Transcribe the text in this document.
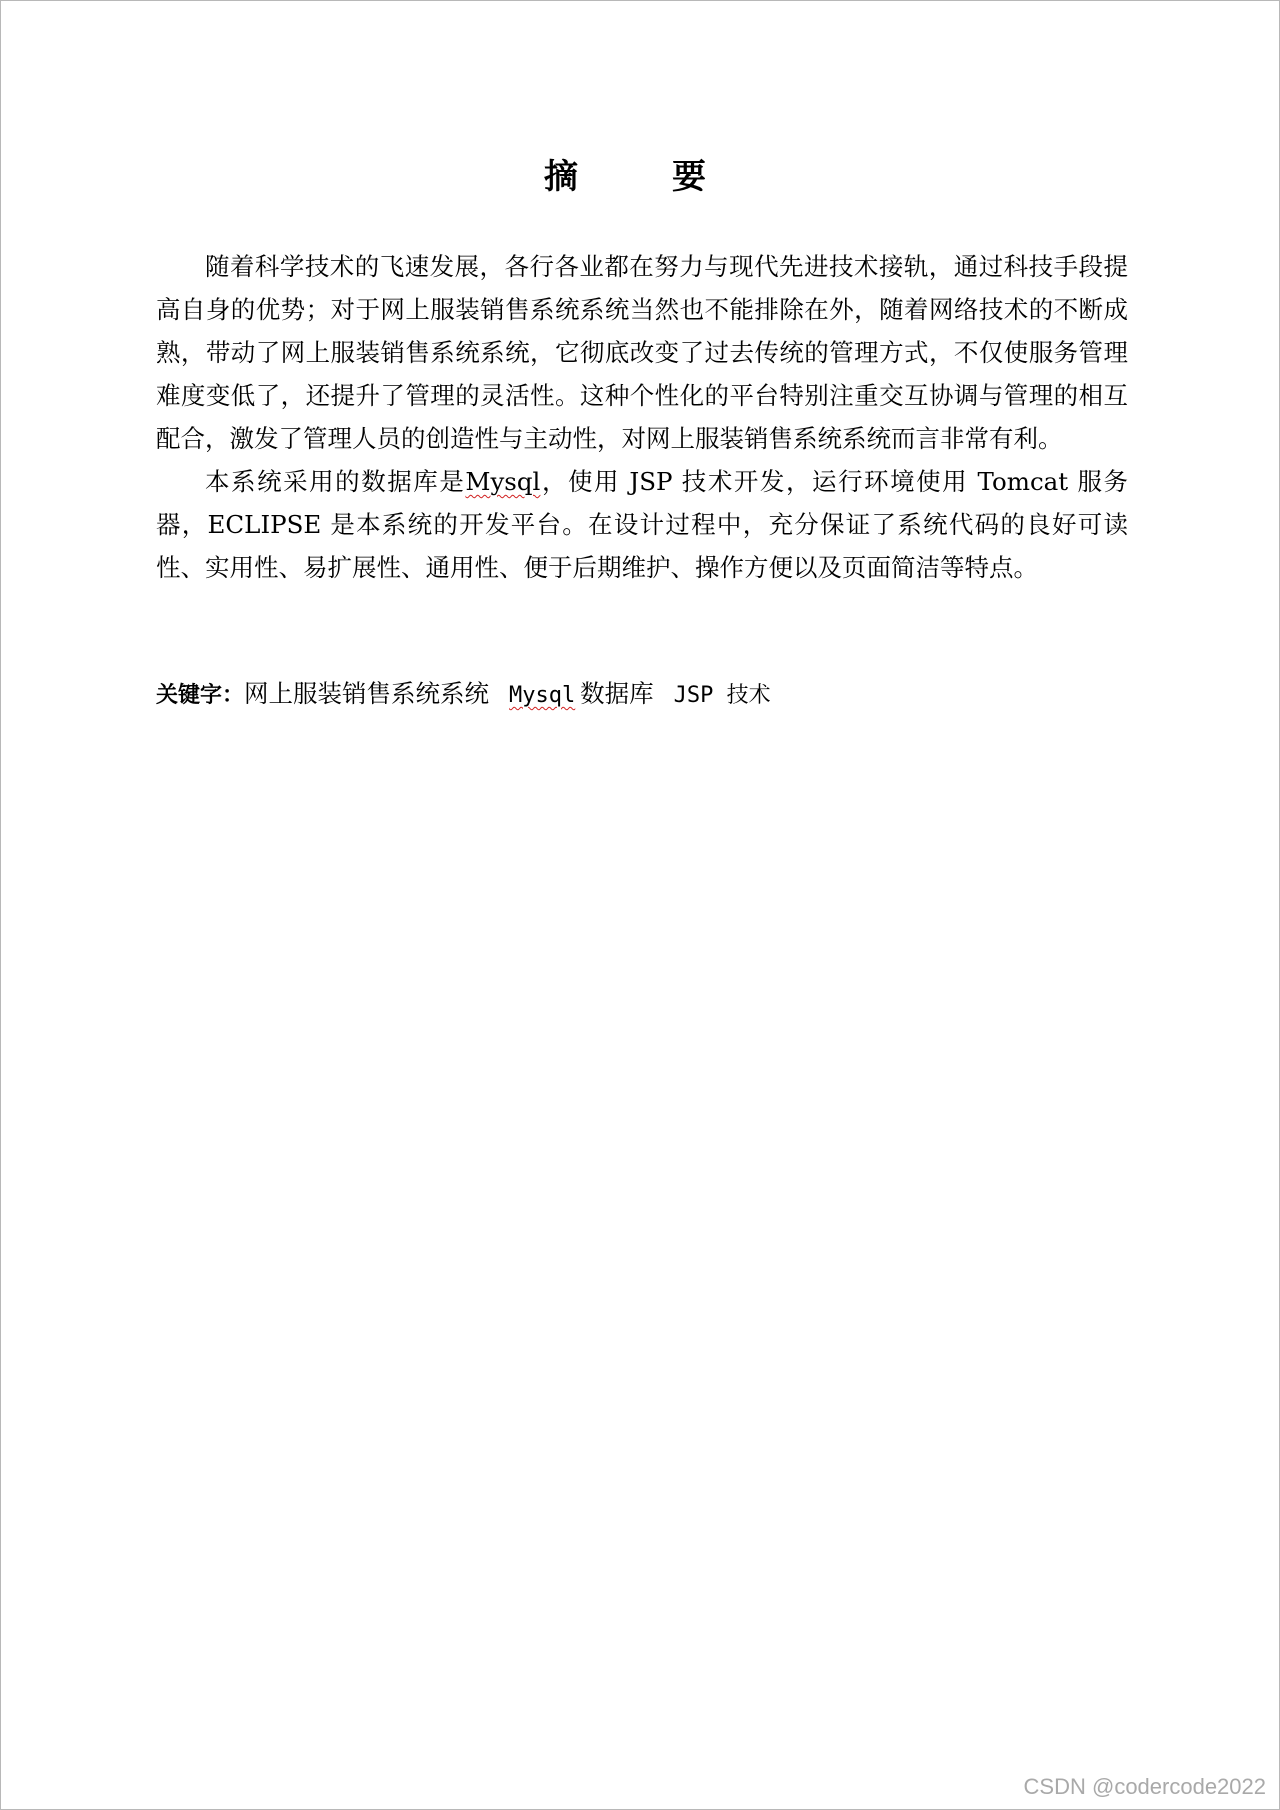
摘　要

随着科学技术的飞速发展，各行各业都在努力与现代先进技术接轨，通过科技手段提高自身的优势；对于网上服装销售系统系统当然也不能排除在外，随着网络技术的不断成熟，带动了网上服装销售系统系统，它彻底改变了过去传统的管理方式，不仅使服务管理难度变低了，还提升了管理的灵活性。这种个性化的平台特别注重交互协调与管理的相互配合，激发了管理人员的创造性与主动性，对网上服装销售系统系统而言非常有利。

本系统采用的数据库是Mysql，使用 JSP 技术开发，运行环境使用 Tomcat 服务器，ECLIPSE 是本系统的开发平台。在设计过程中，充分保证了系统代码的良好可读性、实用性、易扩展性、通用性、便于后期维护、操作方便以及页面简洁等特点。

关键字：网上服装销售系统系统 Mysql  数据库 JSP 技术
CSDN @codercode2022
